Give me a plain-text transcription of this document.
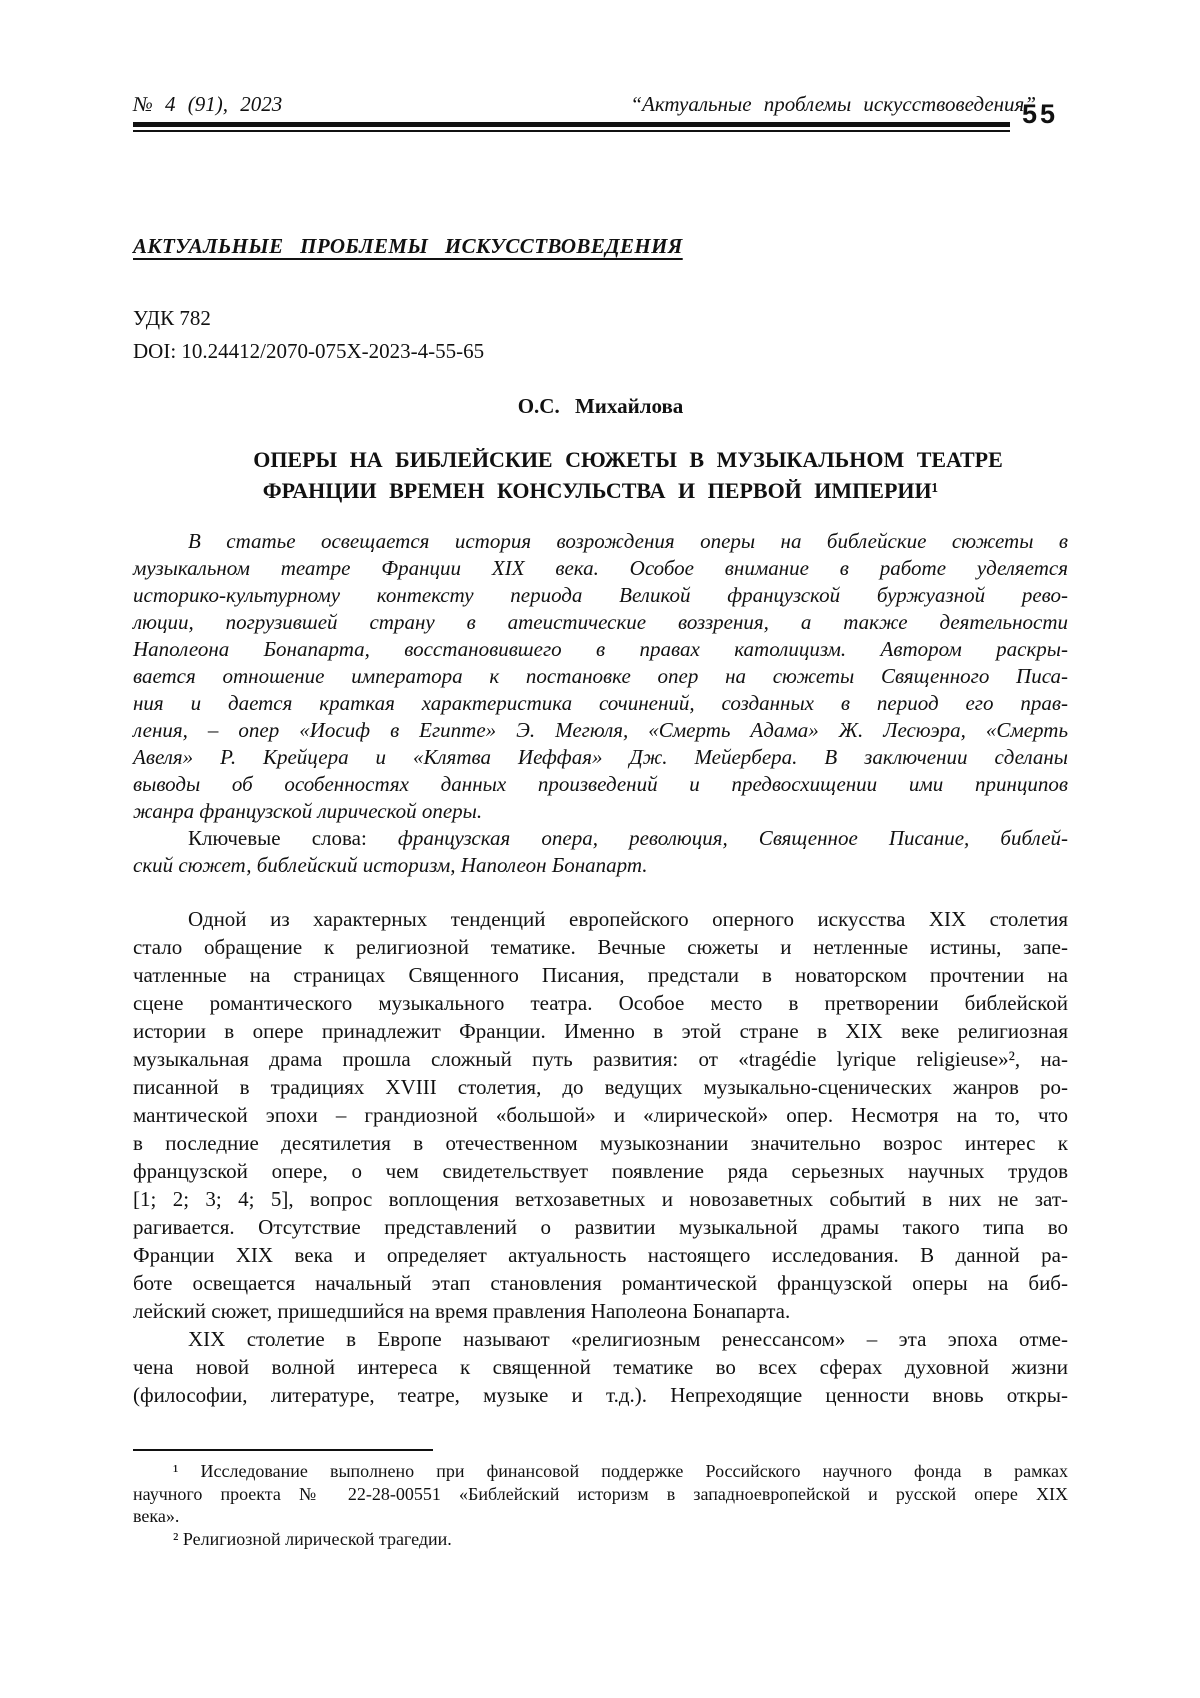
№ 4 (91), 2023	“Актуальные проблемы искусствоведения”
55
АКТУАЛЬНЫЕ ПРОБЛЕМЫ ИСКУССТВОВЕДЕНИЯ
УДК 782
DOI: 10.24412/2070-075X-2023-4-55-65
О.С. Михайлова
ОПЕРЫ НА БИБЛЕЙСКИЕ СЮЖЕТЫ В МУЗЫКАЛЬНОМ ТЕАТРЕ
ФРАНЦИИ ВРЕМЕН КОНСУЛЬСТВА И ПЕРВОЙ ИМПЕРИИ¹
В статье освещается история возрождения оперы на библейские сюжеты в
музыкальном театре Франции XIX века. Особое внимание в работе уделяется
историко-культурному контексту периода Великой французской буржуазной рево-
люции, погрузившей страну в атеистические воззрения, а также деятельности
Наполеона Бонапарта, восстановившего в правах католицизм. Автором раскры-
вается отношение императора к постановке опер на сюжеты Священного Писа-
ния и дается краткая характеристика сочинений, созданных в период его прав-
ления, – опер «Иосиф в Египте» Э. Мегюля, «Смерть Адама» Ж. Лесюэра, «Смерть
Авеля» Р. Крейцера и «Клятва Иеффая» Дж. Мейербера. В заключении сделаны
выводы об особенностях данных произведений и предвосхищении ими принципов
жанра французской лирической оперы.
Ключевые слова: французская опера, революция, Священное Писание, библей-
ский сюжет, библейский историзм, Наполеон Бонапарт.
Одной из характерных тенденций европейского оперного искусства XIX столетия
стало обращение к религиозной тематике. Вечные сюжеты и нетленные истины, запе-
чатленные на страницах Священного Писания, предстали в новаторском прочтении на
сцене романтического музыкального театра. Особое место в претворении библейской
истории в опере принадлежит Франции. Именно в этой стране в XIX веке религиозная
музыкальная драма прошла сложный путь развития: от «tragédie lyrique religieuse»², на-
писанной в традициях XVIII столетия, до ведущих музыкально-сценических жанров ро-
мантической эпохи – грандиозной «большой» и «лирической» опер. Несмотря на то, что
в последние десятилетия в отечественном музыкознании значительно возрос интерес к
французской опере, о чем свидетельствует появление ряда серьезных научных трудов
[1; 2; 3; 4; 5], вопрос воплощения ветхозаветных и новозаветных событий в них не зат-
рагивается. Отсутствие представлений о развитии музыкальной драмы такого типа во
Франции XIX века и определяет актуальность настоящего исследования. В данной ра-
боте освещается начальный этап становления романтической французской оперы на биб-
лейский сюжет, пришедшийся на время правления Наполеона Бонапарта.
XIX столетие в Европе называют «религиозным ренессансом» – эта эпоха отме-
чена новой волной интереса к священной тематике во всех сферах духовной жизни
(философии, литературе, театре, музыке и т.д.). Непреходящие ценности вновь откры-
¹ Исследование выполнено при финансовой поддержке Российского научного фонда в рамках
научного проекта № 22-28-00551 «Библейский историзм в западноевропейской и русской опере XIX
века».
² Религиозной лирической трагедии.
